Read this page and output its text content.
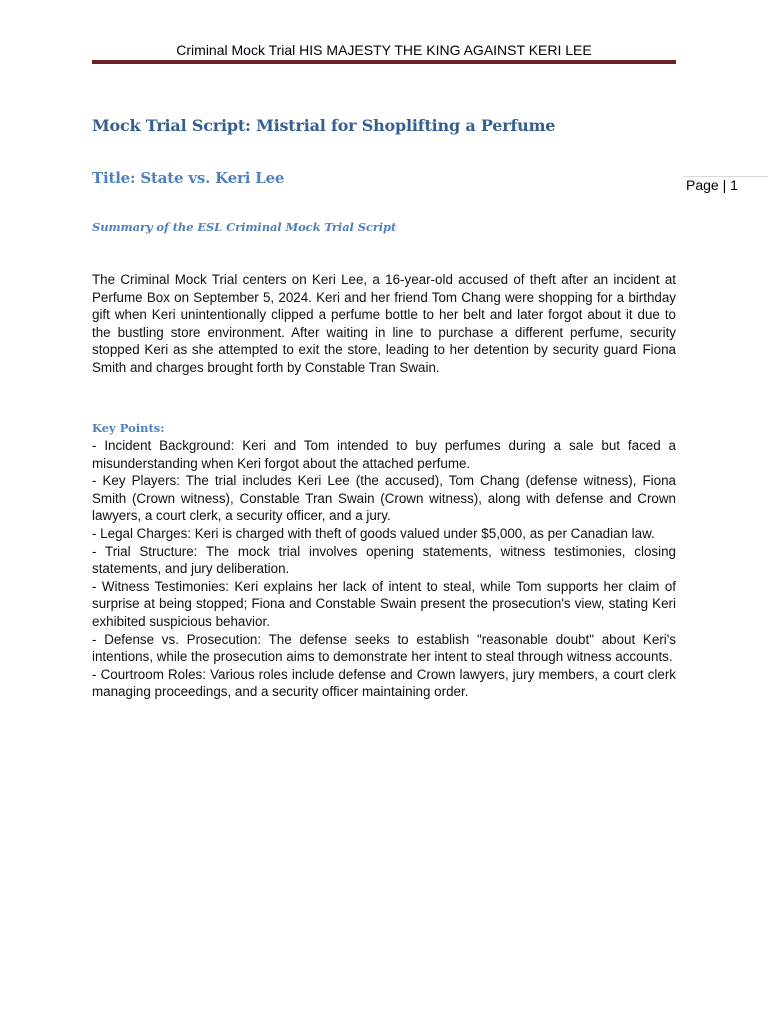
Criminal Mock Trial HIS MAJESTY THE KING AGAINST KERI LEE
Page | 1
Mock Trial Script: Mistrial for Shoplifting a Perfume
Title: State vs. Keri Lee
Summary of the ESL Criminal Mock Trial Script

The Criminal Mock Trial centers on Keri Lee, a 16-year-old accused of theft after an incident at Perfume Box on September 5, 2024. Keri and her friend Tom Chang were shopping for a birthday gift when Keri unintentionally clipped a perfume bottle to her belt and later forgot about it due to the bustling store environment. After waiting in line to purchase a different perfume, security stopped Keri as she attempted to exit the store, leading to her detention by security guard Fiona Smith and charges brought forth by Constable Tran Swain.

Key Points:
- Incident Background: Keri and Tom intended to buy perfumes during a sale but faced a misunderstanding when Keri forgot about the attached perfume.
- Key Players: The trial includes Keri Lee (the accused), Tom Chang (defense witness), Fiona Smith (Crown witness), Constable Tran Swain (Crown witness), along with defense and Crown lawyers, a court clerk, a security officer, and a jury.
- Legal Charges: Keri is charged with theft of goods valued under $5,000, as per Canadian law.
- Trial Structure: The mock trial involves opening statements, witness testimonies, closing statements, and jury deliberation.
- Witness Testimonies: Keri explains her lack of intent to steal, while Tom supports her claim of surprise at being stopped; Fiona and Constable Swain present the prosecution's view, stating Keri exhibited suspicious behavior.
- Defense vs. Prosecution: The defense seeks to establish "reasonable doubt" about Keri's intentions, while the prosecution aims to demonstrate her intent to steal through witness accounts.
- Courtroom Roles: Various roles include defense and Crown lawyers, jury members, a court clerk managing proceedings, and a security officer maintaining order.
